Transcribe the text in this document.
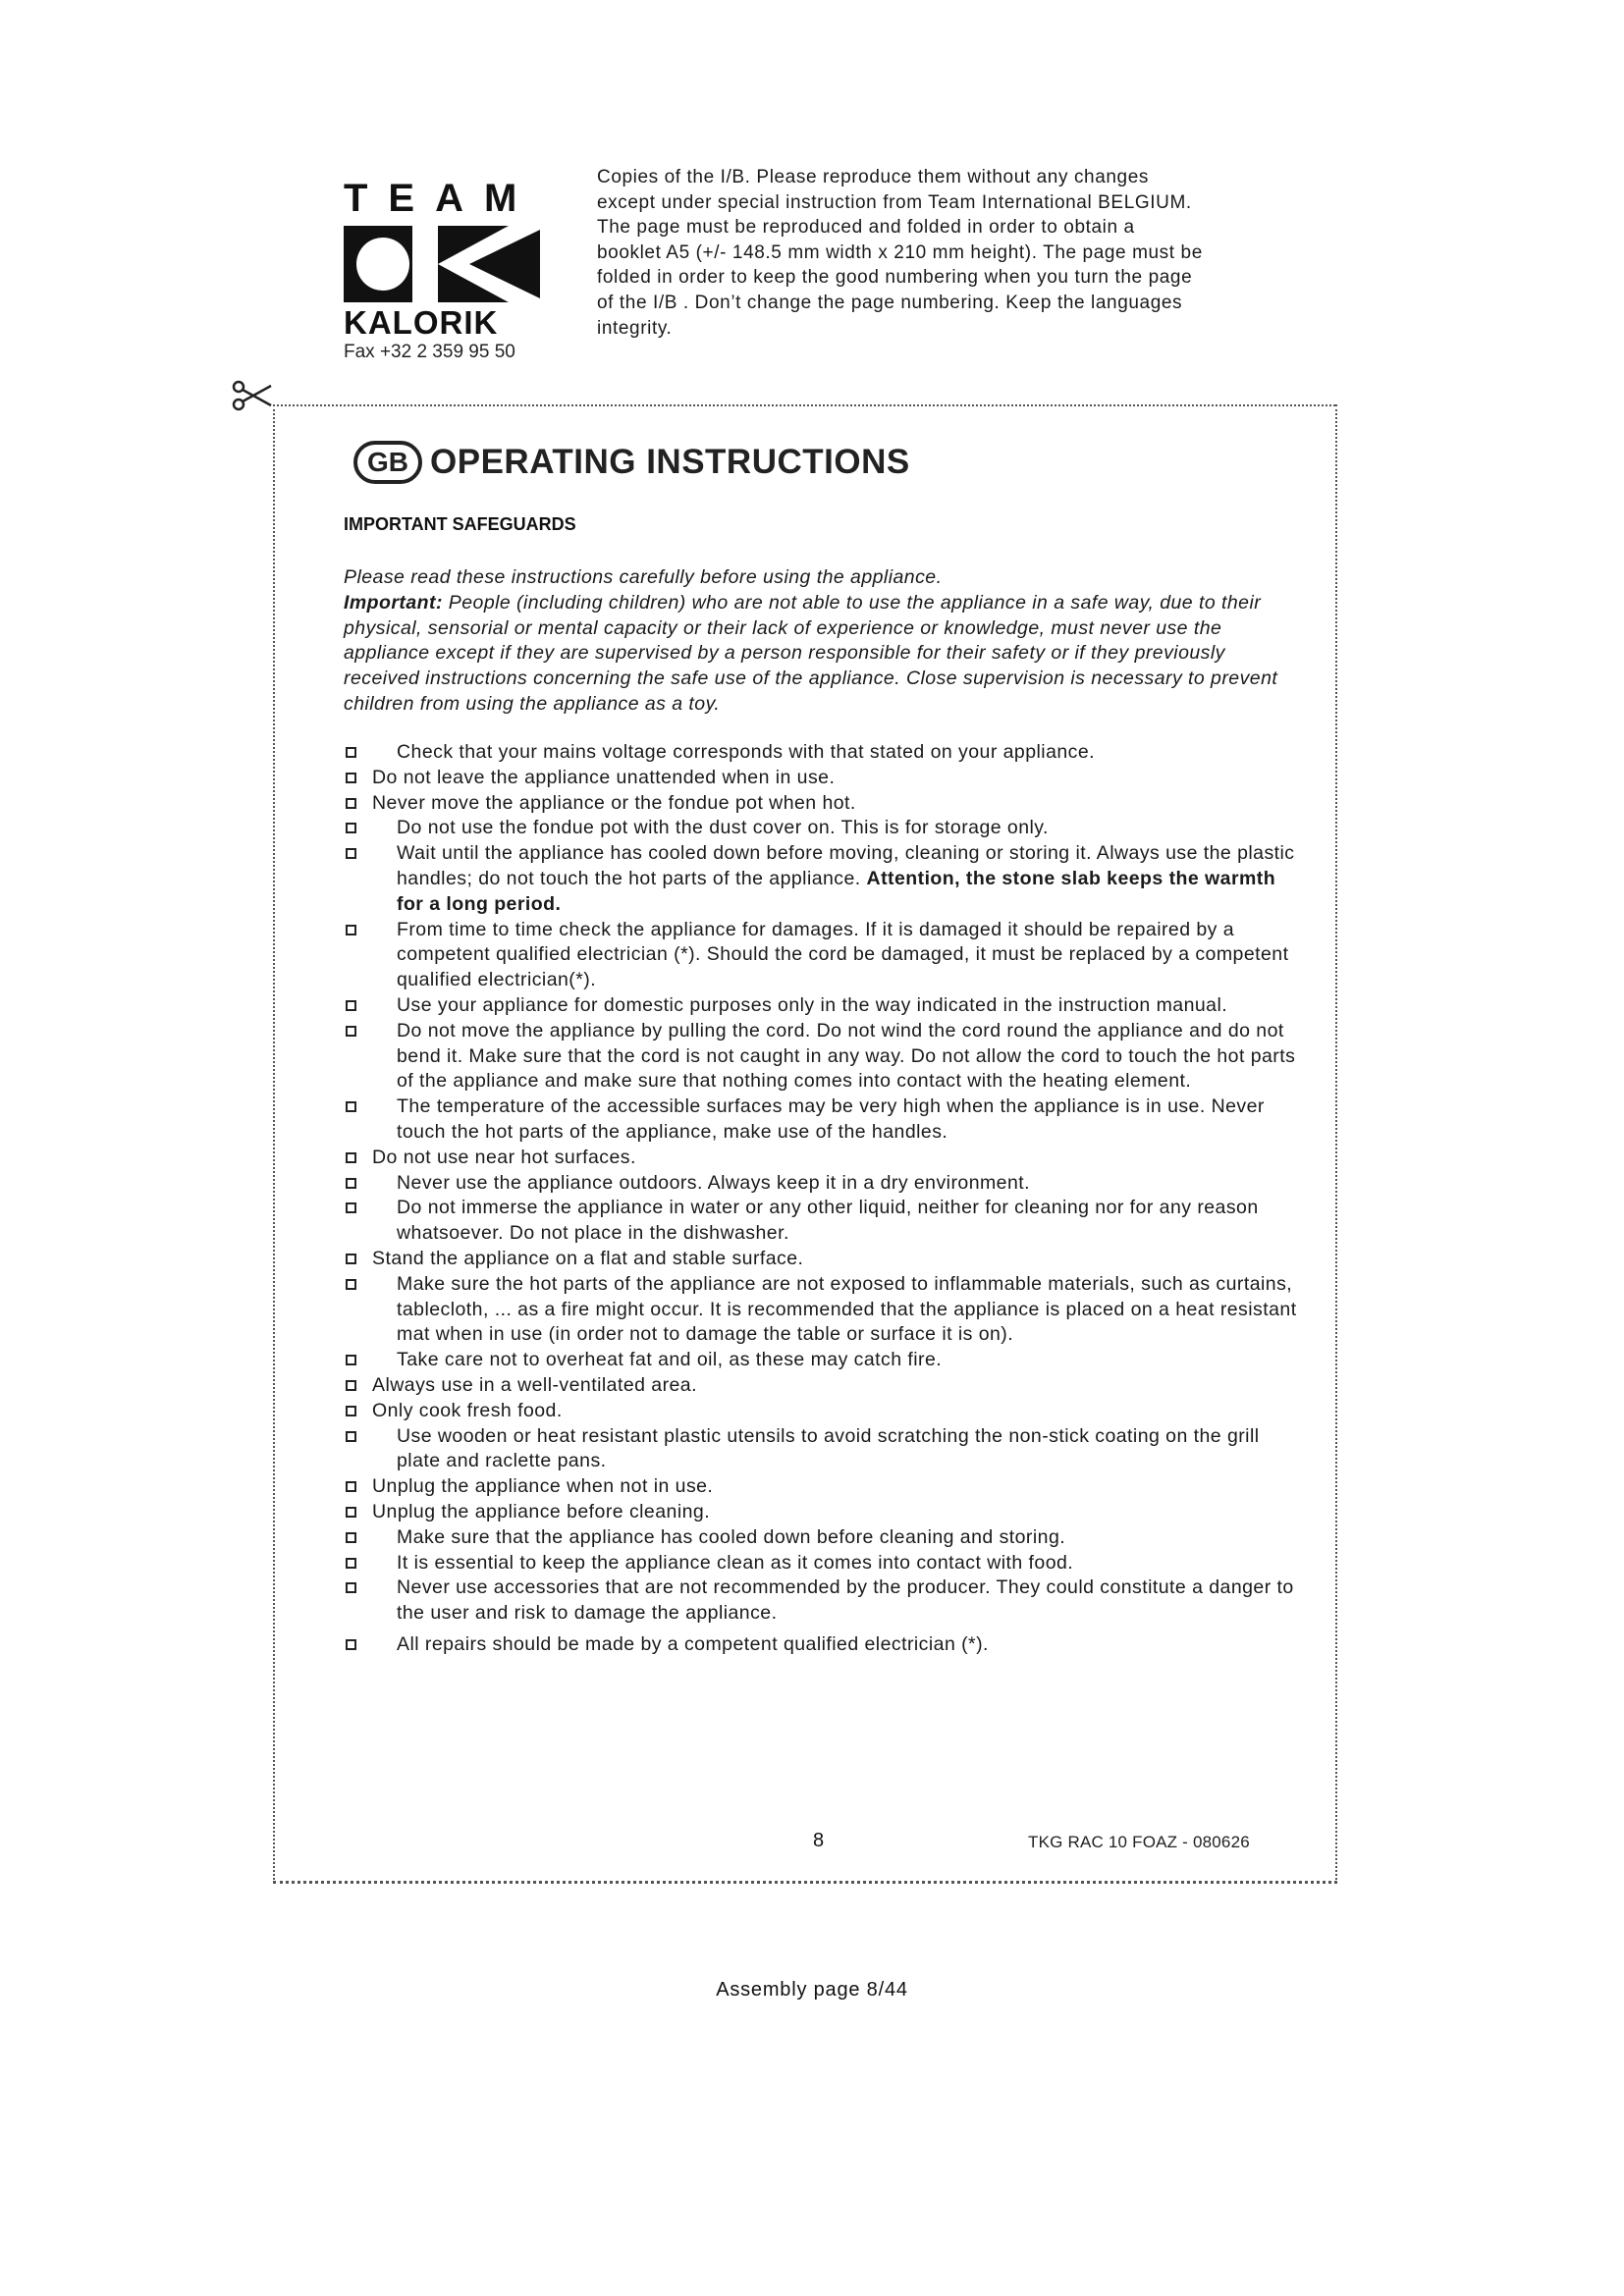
TEAM
KALORIK
Fax +32 2 359 95 50
Copies of the I/B. Please reproduce them without any changes
except under special instruction from Team International BELGIUM.
The page must be reproduced and folded in order to obtain a
booklet A5 (+/- 148.5 mm width x 210 mm height). The page must be
folded in order to keep the good numbering when you turn the page
of the I/B . Don’t change the page numbering. Keep the languages
integrity.
GB OPERATING INSTRUCTIONS
IMPORTANT SAFEGUARDS
Please read these instructions carefully before using the appliance.
Important: People (including children) who are not able to use the appliance in a safe way, due to their physical, sensorial or mental capacity or their lack of experience or knowledge, must never use the appliance except if they are supervised by a person responsible for their safety or if they previously received instructions concerning the safe use of the appliance. Close supervision is necessary to prevent children from using the appliance as a toy.
Check that your mains voltage corresponds with that stated on your appliance.
Do not leave the appliance unattended when in use.
Never move the appliance or the fondue pot when hot.
Do not use the fondue pot with the dust cover on. This is for storage only.
Wait until the appliance has cooled down before moving, cleaning or storing it. Always use the plastic handles; do not touch the hot parts of the appliance. Attention, the stone slab keeps the warmth for a long period.
From time to time check the appliance for damages. If it is damaged it should be repaired by a competent qualified electrician (*). Should the cord be damaged, it must be replaced by a competent qualified electrician(*).
Use your appliance for domestic purposes only in the way indicated in the instruction manual.
Do not move the appliance by pulling the cord. Do not wind the cord round the appliance and do not bend it. Make sure that the cord is not caught in any way. Do not allow the cord to touch the hot parts of the appliance and make sure that nothing comes into contact with the heating element.
The temperature of the accessible surfaces may be very high when the appliance is in use. Never touch the hot parts of the appliance, make use of the handles.
Do not use near hot surfaces.
Never use the appliance outdoors. Always keep it in a dry environment.
Do not immerse the appliance in water or any other liquid, neither for cleaning nor for any reason whatsoever. Do not place in the dishwasher.
Stand the appliance on a flat and stable surface.
Make sure the hot parts of the appliance are not exposed to inflammable materials, such as curtains, tablecloth, ... as a fire might occur. It is recommended that the appliance is placed on a heat resistant mat when in use (in order not to damage the table or surface it is on).
Take care not to overheat fat and oil, as these may catch fire.
Always use in a well-ventilated area.
Only cook fresh food.
Use wooden or heat resistant plastic utensils to avoid scratching the non-stick coating on the grill plate and raclette pans.
Unplug the appliance when not in use.
Unplug the appliance before cleaning.
Make sure that the appliance has cooled down before cleaning and storing.
It is essential to keep the appliance clean as it comes into contact with food.
Never use accessories that are not recommended by the producer. They could constitute a danger to the user and risk to damage the appliance.
All repairs should be made by a competent qualified electrician (*).
8	TKG RAC 10 FOAZ - 080626
Assembly page 8/44
